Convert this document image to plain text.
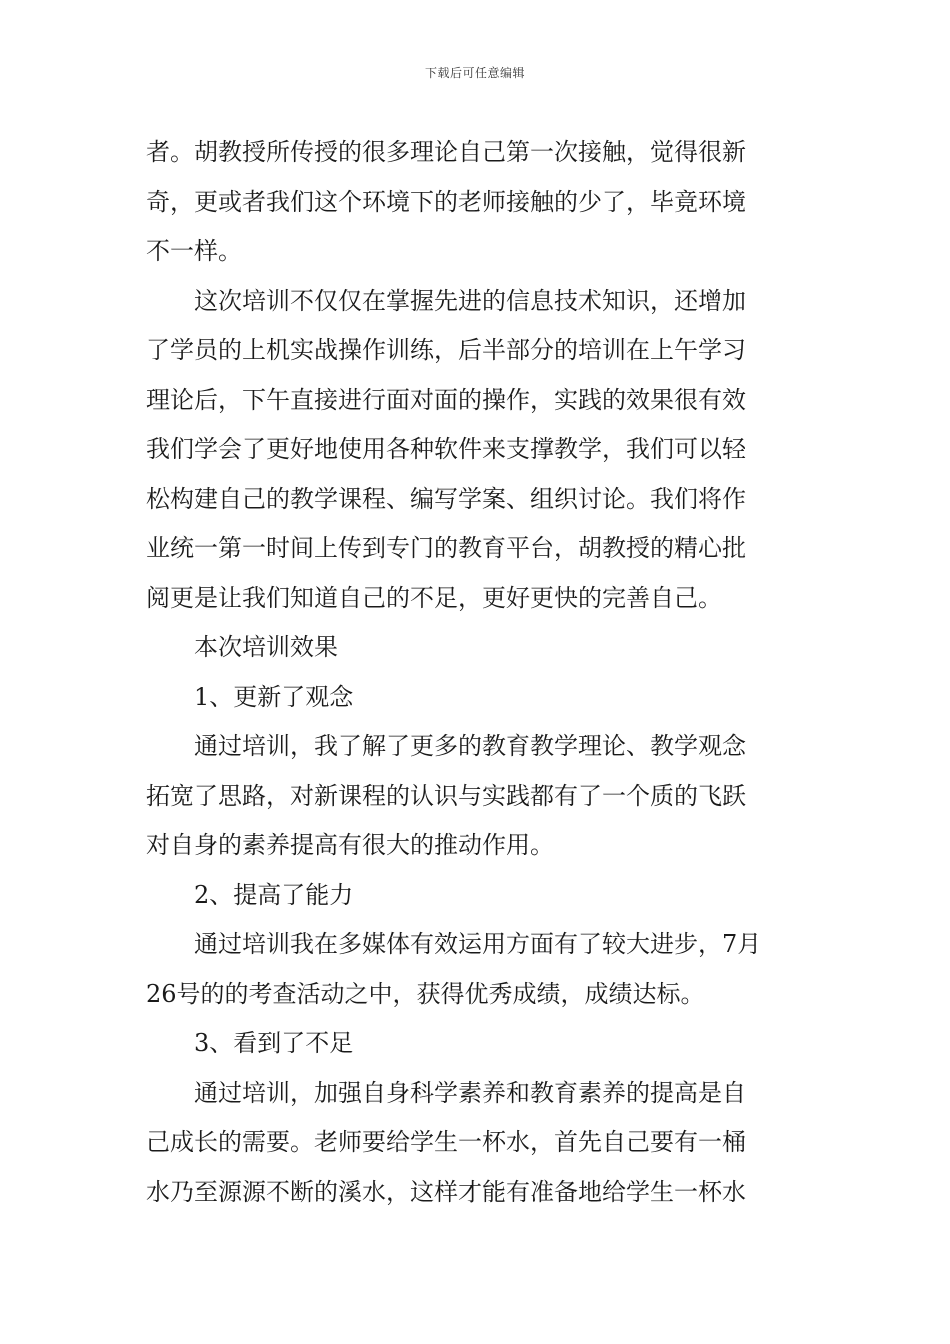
下载后可任意编辑
者。胡教授所传授的很多理论自己第一次接触，觉得很新
奇，更或者我们这个环境下的老师接触的少了，毕竟环境
不一样。
这次培训不仅仅在掌握先进的信息技术知识，还增加
了学员的上机实战操作训练，后半部分的培训在上午学习
理论后，下午直接进行面对面的操作，实践的效果很有效
我们学会了更好地使用各种软件来支撑教学，我们可以轻
松构建自己的教学课程、编写学案、组织讨论。我们将作
业统一第一时间上传到专门的教育平台，胡教授的精心批
阅更是让我们知道自己的不足，更好更快的完善自己。
本次培训效果
1、更新了观念
通过培训，我了解了更多的教育教学理论、教学观念
拓宽了思路，对新课程的认识与实践都有了一个质的飞跃
对自身的素养提高有很大的推动作用。
2、提高了能力
通过培训我在多媒体有效运用方面有了较大进步，7月
26号的的考查活动之中，获得优秀成绩，成绩达标。
3、看到了不足
通过培训，加强自身科学素养和教育素养的提高是自
己成长的需要。老师要给学生一杯水，首先自己要有一桶
水乃至源源不断的溪水，这样才能有准备地给学生一杯水
